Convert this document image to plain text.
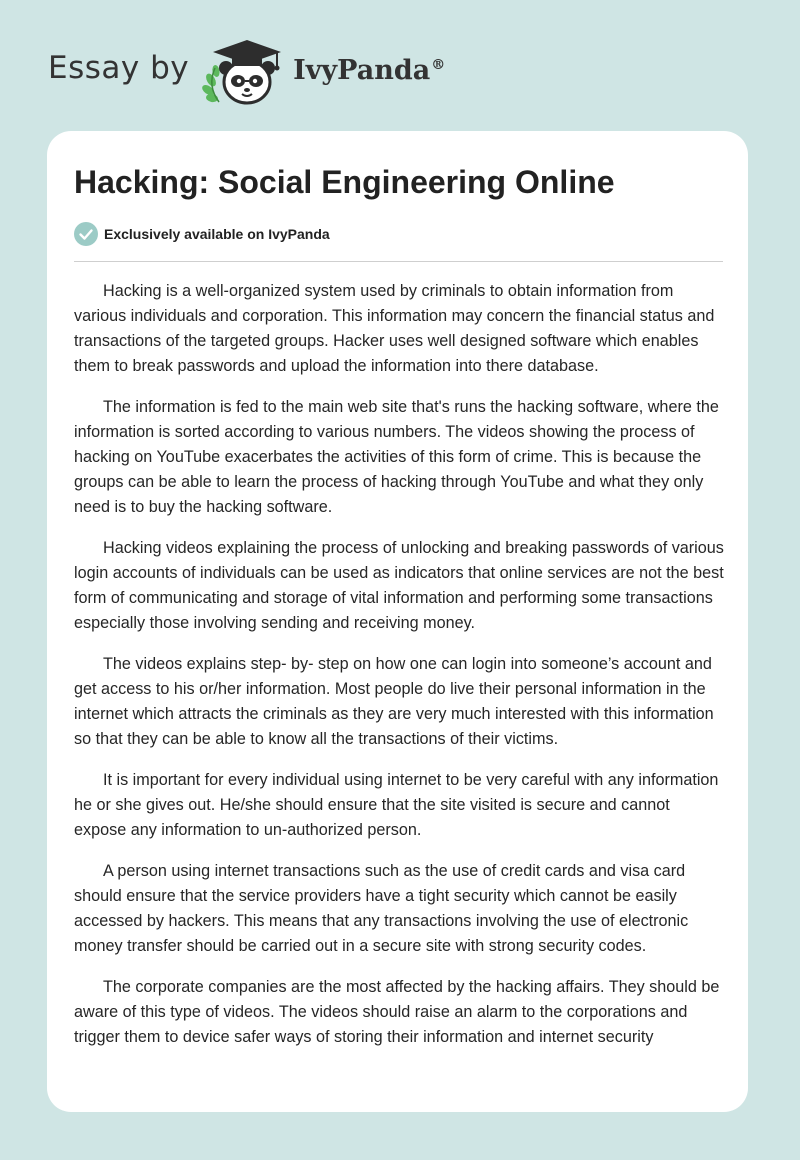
Essay by	IvyPanda®
Hacking: Social Engineering Online
Exclusively available on IvyPanda

Hacking is a well-organized system used by criminals to obtain information from various individuals and corporation. This information may concern the financial status and transactions of the targeted groups. Hacker uses well designed software which enables them to break passwords and upload the information into there database.

The information is fed to the main web site that's runs the hacking software, where the information is sorted according to various numbers. The videos showing the process of hacking on YouTube exacerbates the activities of this form of crime. This is because the groups can be able to learn the process of hacking through YouTube and what they only need is to buy the hacking software.

Hacking videos explaining the process of unlocking and breaking passwords of various login accounts of individuals can be used as indicators that online services are not the best form of communicating and storage of vital information and performing some transactions especially those involving sending and receiving money.

The videos explains step- by- step on how one can login into someone’s account and get access to his or/her information. Most people do live their personal information in the internet which attracts the criminals as they are very much interested with this information so that they can be able to know all the transactions of their victims.

It is important for every individual using internet to be very careful with any information he or she gives out. He/she should ensure that the site visited is secure and cannot expose any information to un-authorized person.

A person using internet transactions such as the use of credit cards and visa card should ensure that the service providers have a tight security which cannot be easily accessed by hackers. This means that any transactions involving the use of electronic money transfer should be carried out in a secure site with strong security codes.

The corporate companies are the most affected by the hacking affairs. They should be aware of this type of videos. The videos should raise an alarm to the corporations and trigger them to device safer ways of storing their information and internet security
